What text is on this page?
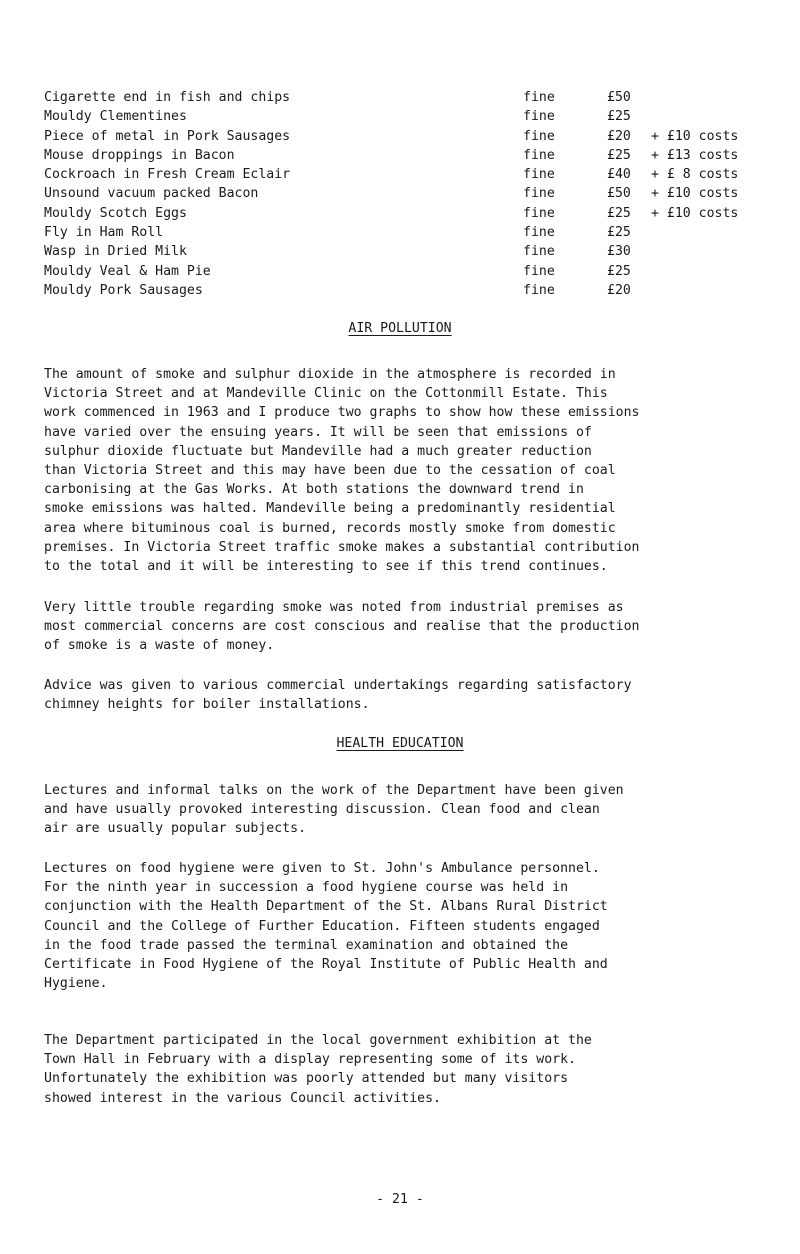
Cigarette end in fish and chips	fine	£50
Mouldy Clementines	fine	£25
Piece of metal in Pork Sausages	fine	£20 + £10 costs
Mouse droppings in Bacon	fine	£25 + £13 costs
Cockroach in Fresh Cream Eclair	fine	£40 + £ 8 costs
Unsound vacuum packed Bacon	fine	£50 + £10 costs
Mouldy Scotch Eggs	fine	£25 + £10 costs
Fly in Ham Roll	fine	£25
Wasp in Dried Milk	fine	£30
Mouldy Veal & Ham Pie	fine	£25
Mouldy Pork Sausages	fine	£20
AIR POLLUTION

The amount of smoke and sulphur dioxide in the atmosphere is recorded in
Victoria Street and at Mandeville Clinic on the Cottonmill Estate. This
work commenced in 1963 and I produce two graphs to show how these emissions
have varied over the ensuing years. It will be seen that emissions of
sulphur dioxide fluctuate but Mandeville had a much greater reduction
than Victoria Street and this may have been due to the cessation of coal
carbonising at the Gas Works. At both stations the downward trend in
smoke emissions was halted. Mandeville being a predominantly residential
area where bituminous coal is burned, records mostly smoke from domestic
premises. In Victoria Street traffic smoke makes a substantial contribution
to the total and it will be interesting to see if this trend continues.

Very little trouble regarding smoke was noted from industrial premises as
most commercial concerns are cost conscious and realise that the production
of smoke is a waste of money.

Advice was given to various commercial undertakings regarding satisfactory
chimney heights for boiler installations.

HEALTH EDUCATION

Lectures and informal talks on the work of the Department have been given
and have usually provoked interesting discussion. Clean food and clean
air are usually popular subjects.

Lectures on food hygiene were given to St. John's Ambulance personnel.
For the ninth year in succession a food hygiene course was held in
conjunction with the Health Department of the St. Albans Rural District
Council and the College of Further Education. Fifteen students engaged
in the food trade passed the terminal examination and obtained the
Certificate in Food Hygiene of the Royal Institute of Public Health and
Hygiene.

The Department participated in the local government exhibition at the
Town Hall in February with a display representing some of its work.
Unfortunately the exhibition was poorly attended but many visitors
showed interest in the various Council activities.

- 21 -
